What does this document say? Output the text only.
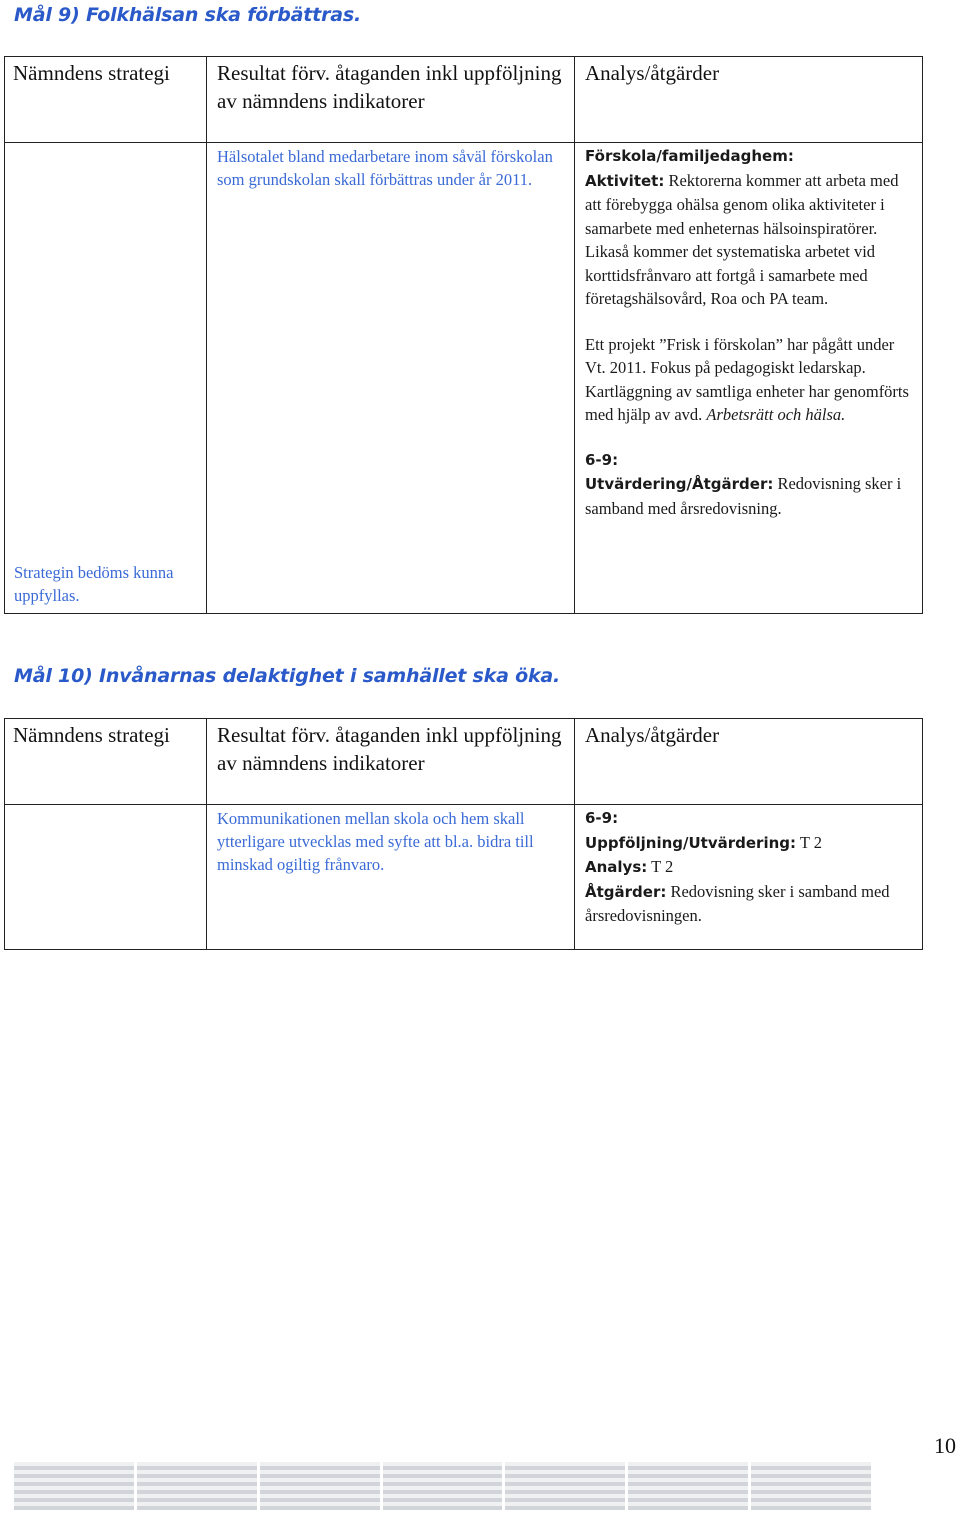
Mål 9) Folkhälsan ska förbättras.
Nämndens strategi	Resultat förv. åtaganden inkl uppföljning av nämndens indikatorer	Analys/åtgärder

Strategin bedöms kunna uppfyllas.	Hälsotalet bland medarbetare inom såväl förskolan som grundskolan skall förbättras under år 2011.	Förskola/familjedaghem:
Aktivitet: Rektorerna kommer att arbeta med att förebygga ohälsa genom olika aktiviteter i samarbete med enheternas hälsoinspiratörer. Likaså kommer det systematiska arbetet vid korttidsfrånvaro att fortgå i samarbete med företagshälsovård, Roa och PA team.
Ett projekt ”Frisk i förskolan” har pågått under Vt. 2011. Fokus på pedagogiskt ledarskap. Kartläggning av samtliga enheter har genomförts med hjälp av avd. Arbetsrätt och hälsa.
6-9:
Utvärdering/Åtgärder: Redovisning sker i samband med årsredovisning.
Mål 10) Invånarnas delaktighet i samhället ska öka.
Nämndens strategi	Resultat förv. åtaganden inkl uppföljning av nämndens indikatorer	Analys/åtgärder

	Kommunikationen mellan skola och hem skall ytterligare utvecklas med syfte att bl.a. bidra till minskad ogiltig frånvaro.	6-9:
Uppföljning/Utvärdering: T 2
Analys: T 2
Åtgärder: Redovisning sker i samband med årsredovisningen.
10
